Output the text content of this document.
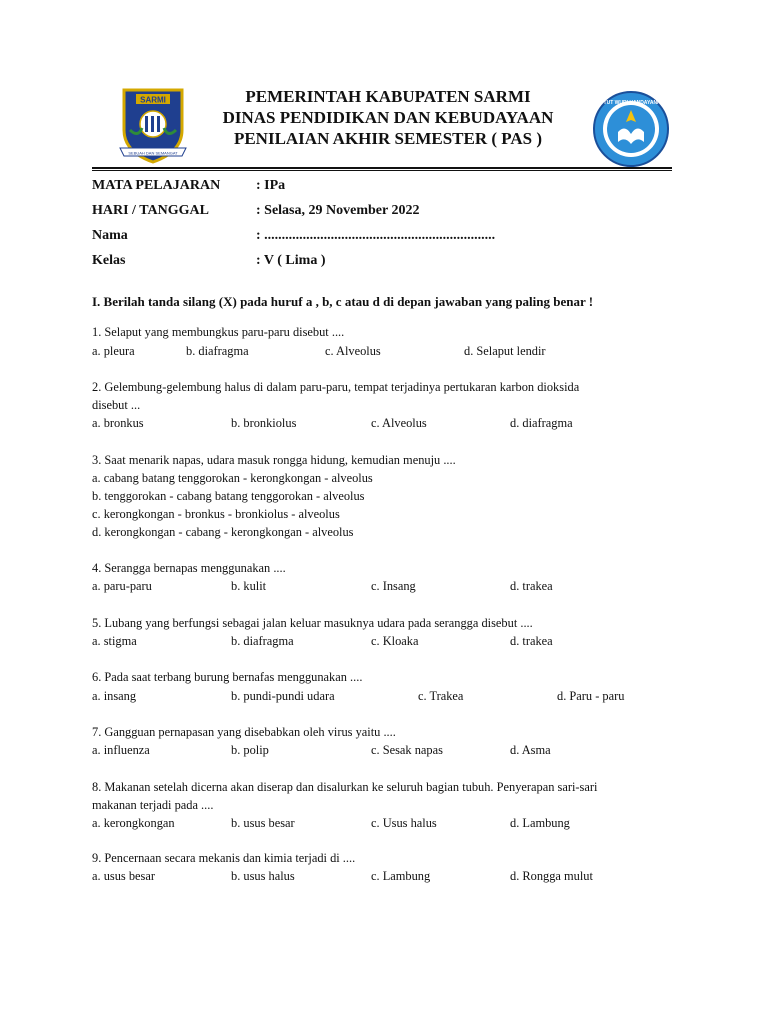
SARMI
SEBUAH DAN SEMANGAT
PEMERINTAH KABUPATEN SARMI
DINAS PENDIDIKAN DAN KEBUDAYAAN
PENILAIAN AKHIR SEMESTER ( PAS )
TUT WURI HANDAYANI
MATA PELAJARAN	: IPa
HARI / TANGGAL	: Selasa, 29 November 2022
Nama	: ..................................................................
Kelas	: V ( Lima )
I. Berilah tanda silang (X) pada huruf a , b, c atau d di depan jawaban yang paling benar !
1. Selaput yang membungkus paru-paru disebut ....
a. pleura	b. diafragma	c. Alveolus	d. Selaput lendir
2. Gelembung-gelembung halus di dalam paru-paru, tempat terjadinya pertukaran karbon dioksida
disebut ...
a. bronkus	b. bronkiolus	c. Alveolus	d. diafragma
3. Saat menarik napas, udara masuk rongga hidung, kemudian menuju ....
a. cabang batang tenggorokan - kerongkongan - alveolus
b. tenggorokan - cabang batang tenggorokan - alveolus
c. kerongkongan - bronkus - bronkiolus - alveolus
d. kerongkongan - cabang - kerongkongan - alveolus
4. Serangga bernapas menggunakan ....
a. paru-paru	b. kulit	c. Insang	d. trakea
5. Lubang yang berfungsi sebagai jalan keluar masuknya udara pada serangga disebut ....
a. stigma	b. diafragma	c. Kloaka	d. trakea
6. Pada saat terbang burung bernafas menggunakan ....
a. insang	b. pundi-pundi udara	c. Trakea	d. Paru - paru
7. Gangguan pernapasan yang disebabkan oleh virus yaitu ....
a. influenza	b. polip	c. Sesak napas	d. Asma
8. Makanan setelah dicerna akan diserap dan disalurkan ke seluruh bagian tubuh. Penyerapan sari-sari
makanan terjadi pada ....
a. kerongkongan	b. usus besar	c. Usus halus	d. Lambung
9. Pencernaan secara mekanis dan kimia terjadi di ....
a. usus besar	b. usus halus	c. Lambung	d. Rongga mulut
